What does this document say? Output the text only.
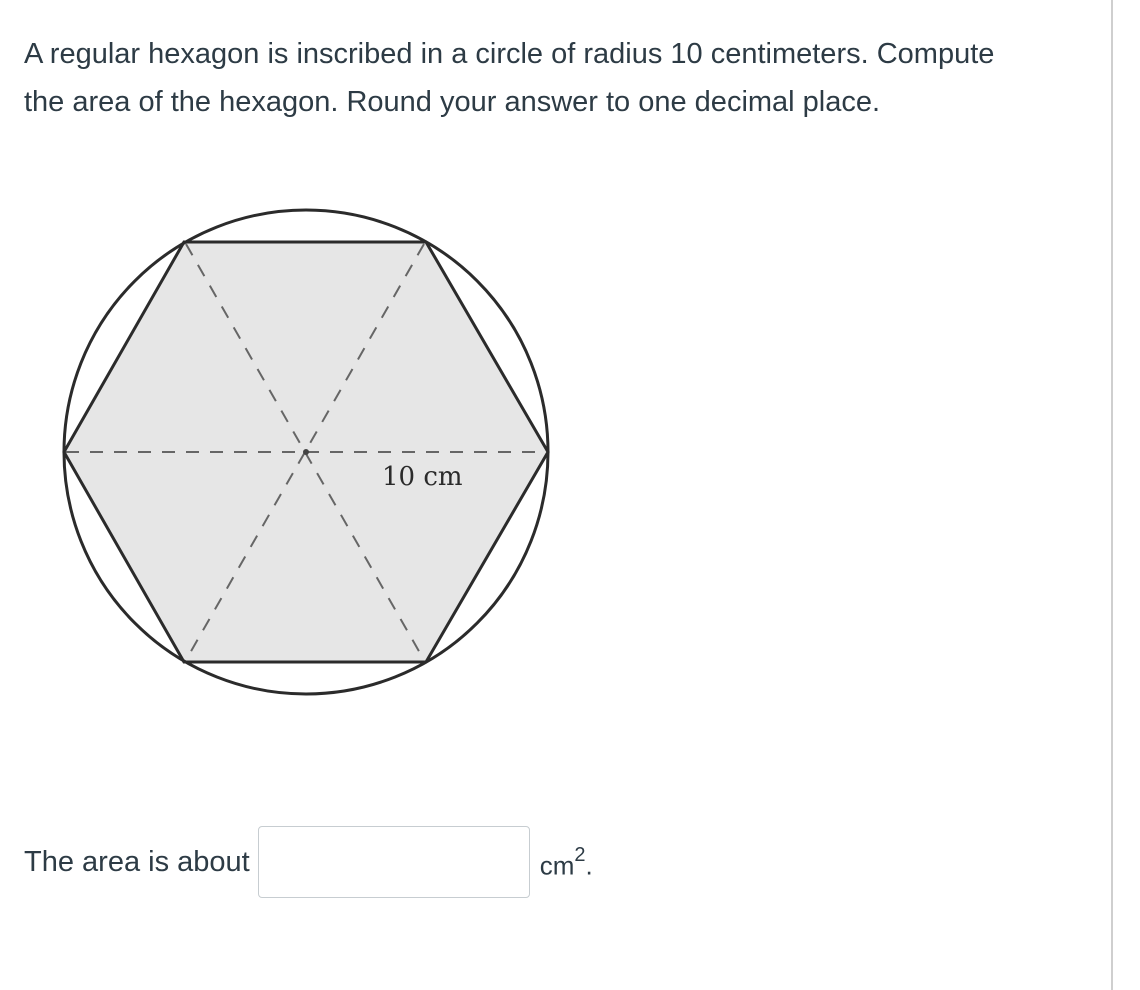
A regular hexagon is inscribed in a circle of radius 10 centimeters. Compute the area of the hexagon. Round your answer to one decimal place.

10 cm
The area is about	$cm^2$.
